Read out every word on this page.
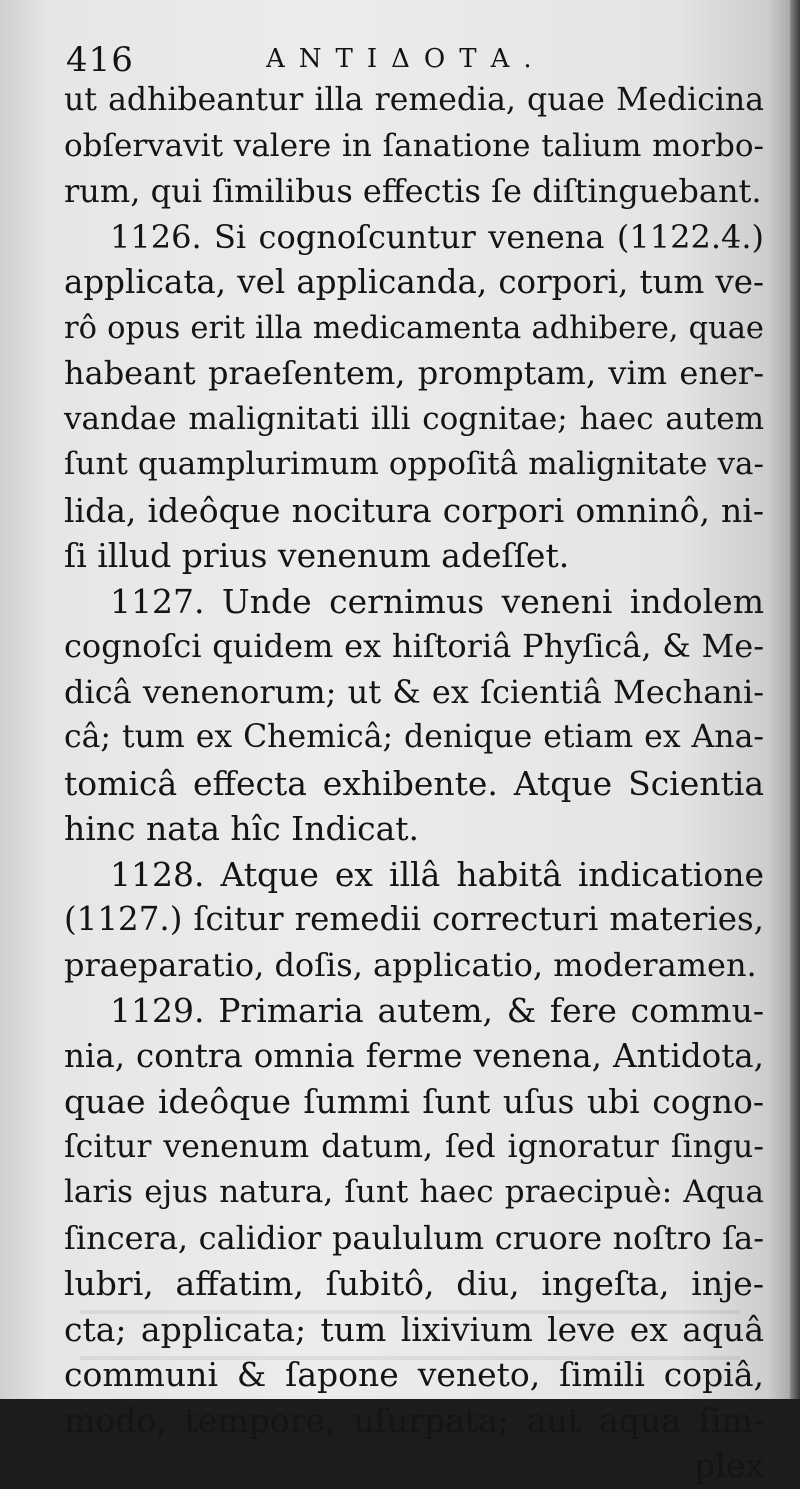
416	ANTIΔΟΤΑ.
ut adhibeantur illa remedia, quae Medicina
obſervavit valere in ſanatione talium morbo-
rum, qui ſimilibus effectis ſe diſtinguebant.
1126. Si cognoſcuntur venena (1122.4.)
applicata, vel applicanda, corpori, tum ve-
rô opus erit illa medicamenta adhibere, quae
habeant praeſentem, promptam, vim ener-
vandae malignitati illi cognitae; haec autem
ſunt quamplurimum oppoſitâ malignitate va-
lida, ideôque nocitura corpori omninô, ni-
ſi illud prius venenum adeſſet.
1127. Unde cernimus veneni indolem
cognoſci quidem ex hiſtoriâ Phyſicâ, & Me-
dicâ venenorum; ut & ex ſcientiâ Mechani-
câ; tum ex Chemicâ; denique etiam ex Ana-
tomicâ effecta exhibente. Atque Scientia
hinc nata hîc Indicat.
1128. Atque ex illâ habitâ indicatione
(1127.) ſcitur remedii correcturi materies,
praeparatio, doſis, applicatio, moderamen.
1129. Primaria autem, & fere commu-
nia, contra omnia ferme venena, Antidota,
quae ideôque ſummi ſunt uſus ubi cogno-
ſcitur venenum datum, ſed ignoratur ſingu-
laris ejus natura, ſunt haec praecipuè: Aqua
ſincera, calidior paululum cruore noſtro ſa-
lubri, affatim, ſubitô, diu, ingeſta, inje-
cta; applicata; tum lixivium leve ex aquâ
communi & ſapone veneto, ſimili copiâ,
modo, tempore, uſurpata; aut aqua ſim-
plex
